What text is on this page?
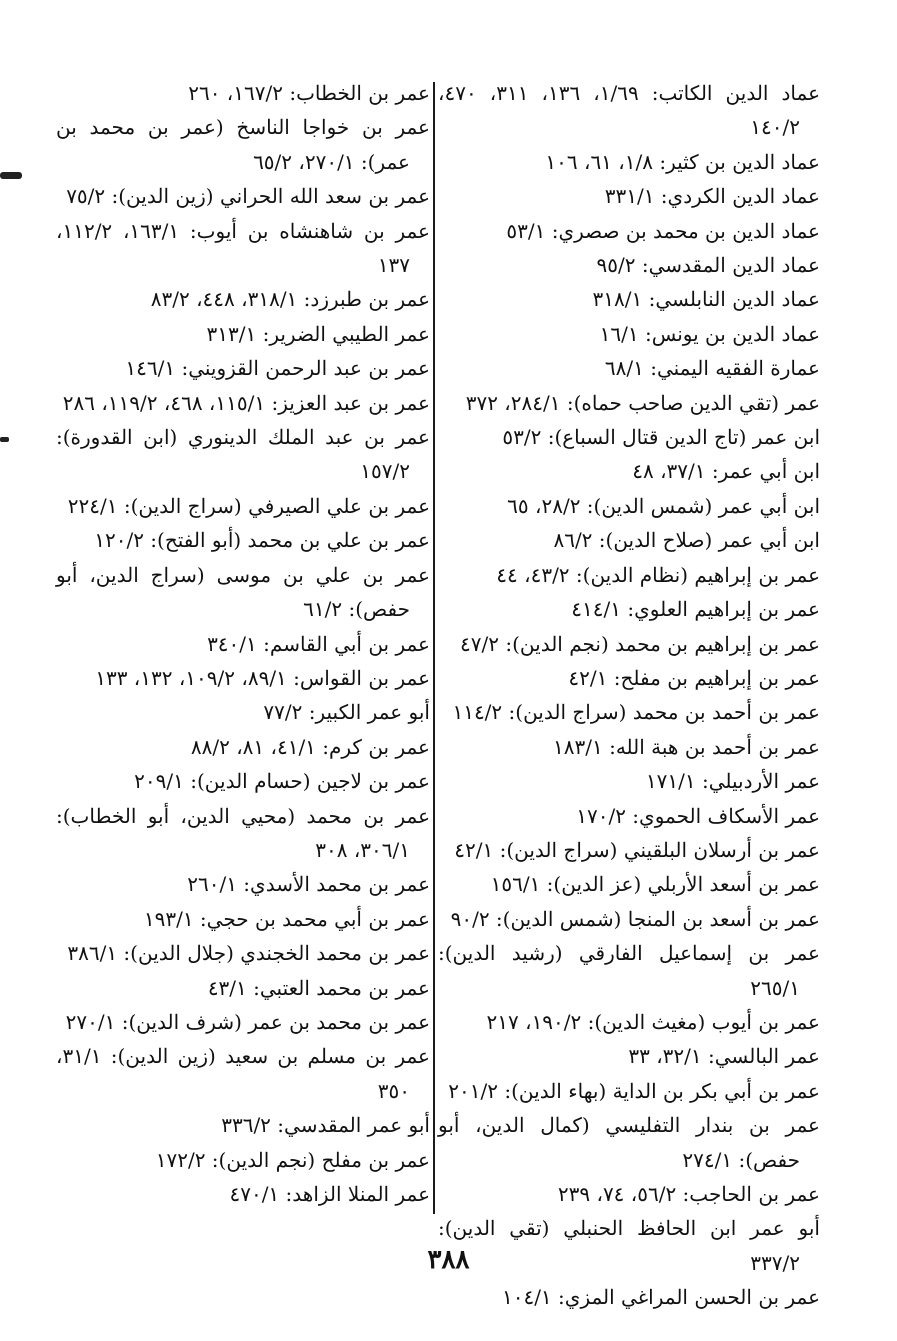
عماد الدين الكاتب: ١/٦٩، ١٣٦، ٣١١، ٤٧٠، ١٤٠/٢
عماد الدين بن كثير: ١/٨، ٦١، ١٠٦
عماد الدين الكردي: ٣٣١/١
عماد الدين بن محمد بن صصري: ٥٣/١
عماد الدين المقدسي: ٩٥/٢
عماد الدين النابلسي: ٣١٨/١
عماد الدين بن يونس: ١٦/١
عمارة الفقيه اليمني: ٦٨/١
عمر (تقي الدين صاحب حماه): ٢٨٤/١، ٣٧٢
ابن عمر (تاج الدين قتال السباع): ٥٣/٢
ابن أبي عمر: ٣٧/١، ٤٨
ابن أبي عمر (شمس الدين): ٢٨/٢، ٦٥
ابن أبي عمر (صلاح الدين): ٨٦/٢
عمر بن إبراهيم (نظام الدين): ٤٣/٢، ٤٤
عمر بن إبراهيم العلوي: ٤١٤/١
عمر بن إبراهيم بن محمد (نجم الدين): ٤٧/٢
عمر بن إبراهيم بن مفلح: ٤٢/١
عمر بن أحمد بن محمد (سراج الدين): ١١٤/٢
عمر بن أحمد بن هبة الله: ١٨٣/١
عمر الأردبيلي: ١٧١/١
عمر الأسكاف الحموي: ١٧٠/٢
عمر بن أرسلان البلقيني (سراج الدين): ٤٢/١
عمر بن أسعد الأربلي (عز الدين): ١٥٦/١
عمر بن أسعد بن المنجا (شمس الدين): ٩٠/٢
عمر بن إسماعيل الفارقي (رشيد الدين): ٢٦٥/١
عمر بن أيوب (مغيث الدين): ١٩٠/٢، ٢١٧
عمر البالسي: ٣٢/١، ٣٣
عمر بن أبي بكر بن الداية (بهاء الدين): ٢٠١/٢
عمر بن بندار التفليسي (كمال الدين، أبو حفص): ٢٧٤/١
عمر بن الحاجب: ٥٦/٢، ٧٤، ٢٣٩
أبو عمر ابن الحافظ الحنبلي (تقي الدين): ٣٣٧/٢
عمر بن الحسن المراغي المزي: ١٠٤/١
عمر بن الخطاب: ١٦٧/٢، ٢٦٠
عمر بن خواجا الناسخ (عمر بن محمد بن عمر): ٢٧٠/١، ٦٥/٢
عمر بن سعد الله الحراني (زين الدين): ٧٥/٢
عمر بن شاهنشاه بن أيوب: ١٦٣/١، ١١٢/٢، ١٣٧
عمر بن طبرزد: ٣١٨/١، ٤٤٨، ٨٣/٢
عمر الطيبي الضرير: ٣١٣/١
عمر بن عبد الرحمن القزويني: ١٤٦/١
عمر بن عبد العزيز: ١١٥/١، ٤٦٨، ١١٩/٢، ٢٨٦
عمر بن عبد الملك الدينوري (ابن القدورة): ١٥٧/٢
عمر بن علي الصيرفي (سراج الدين): ٢٢٤/١
عمر بن علي بن محمد (أبو الفتح): ١٢٠/٢
عمر بن علي بن موسى (سراج الدين، أبو حفص): ٦١/٢
عمر بن أبي القاسم: ٣٤٠/١
عمر بن القواس: ٨٩/١، ١٠٩/٢، ١٣٢، ١٣٣
أبو عمر الكبير: ٧٧/٢
عمر بن كرم: ٤١/١، ٨١، ٨٨/٢
عمر بن لاجين (حسام الدين): ٢٠٩/١
عمر بن محمد (محيي الدين، أبو الخطاب): ٣٠٦/١، ٣٠٨
عمر بن محمد الأسدي: ٢٦٠/١
عمر بن أبي محمد بن حجي: ١٩٣/١
عمر بن محمد الخجندي (جلال الدين): ٣٨٦/١
عمر بن محمد العتبي: ٤٣/١
عمر بن محمد بن عمر (شرف الدين): ٢٧٠/١
عمر بن مسلم بن سعيد (زين الدين): ٣١/١، ٣٥٠
أبو عمر المقدسي: ٣٣٦/٢
عمر بن مفلح (نجم الدين): ١٧٢/٢
عمر المنلا الزاهد: ٤٧٠/١
٣٨٨
